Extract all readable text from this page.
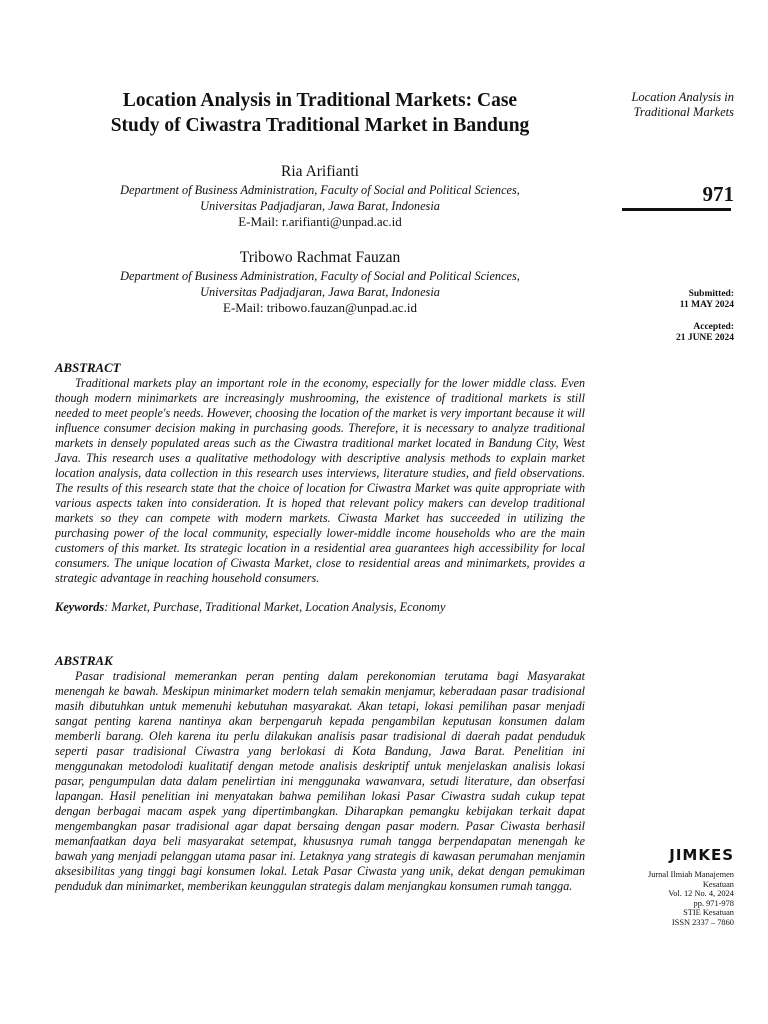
Location Analysis in
Traditional Markets
971
Submitted:
11 MAY 2024
Accepted:
21 JUNE 2024
JIMKES
Jurnal Ilmiah Manajemen
Kesatuan
Vol. 12 No. 4, 2024
pp. 971-978
STIE Kesatuan
ISSN 2337 – 7860
Location Analysis in Traditional Markets: Case
Study of Ciwastra Traditional Market in Bandung
Ria Arifianti
Department of Business Administration, Faculty of Social and Political Sciences,
Universitas Padjadjaran, Jawa Barat, Indonesia
E-Mail: r.arifianti@unpad.ac.id
Tribowo Rachmat Fauzan
Department of Business Administration, Faculty of Social and Political Sciences,
Universitas Padjadjaran, Jawa Barat, Indonesia
E-Mail: tribowo.fauzan@unpad.ac.id
ABSTRACT

Traditional markets play an important role in the economy, especially for the lower middle class. Even though modern minimarkets are increasingly mushrooming, the existence of traditional markets is still needed to meet people's needs. However, choosing the location of the market is very important because it will influence consumer decision making in purchasing goods. Therefore, it is necessary to analyze traditional markets in densely populated areas such as the Ciwastra traditional market located in Bandung City, West Java. This research uses a qualitative methodology with descriptive analysis methods to explain market location analysis, data collection in this research uses interviews, literature studies, and field observations. The results of this research state that the choice of location for Ciwastra Market was quite appropriate with various aspects taken into consideration. It is hoped that relevant policy makers can develop traditional markets so they can compete with modern markets. Ciwasta Market has succeeded in utilizing the purchasing power of the local community, especially lower-middle income households who are the main customers of this market. Its strategic location in a residential area guarantees high accessibility for local consumers. The unique location of Ciwasta Market, close to residential areas and minimarkets, provides a strategic advantage in reaching household consumers.

Keywords: Market, Purchase, Traditional Market, Location Analysis, Economy
ABSTRAK

Pasar tradisional memerankan peran penting dalam perekonomian terutama bagi Masyarakat menengah ke bawah. Meskipun minimarket modern telah semakin menjamur, keberadaan pasar tradisional masih dibutuhkan untuk memenuhi kebutuhan masyarakat. Akan tetapi, lokasi pemilihan pasar menjadi sangat penting karena nantinya akan berpengaruh kepada pengambilan keputusan konsumen dalam memberli barang. Oleh karena itu perlu dilakukan analisis pasar tradisional di daerah padat penduduk seperti pasar tradisional Ciwastra yang berlokasi di Kota Bandung, Jawa Barat. Penelitian ini menggunakan metodolodi kualitatif dengan metode analisis deskriptif untuk menjelaskan analisis lokasi pasar, pengumpulan data dalam penelirtian ini menggunaka wawanvara, setudi literature, dan obserfasi lapangan. Hasil penelitian ini menyatakan bahwa pemilihan lokasi Pasar Ciwastra sudah cukup tepat dengan berbagai macam aspek yang dipertimbangkan. Diharapkan pemangku kebijakan terkait dapat mengembangkan pasar tradisional agar dapat bersaing dengan pasar modern. Pasar Ciwasta berhasil memanfaatkan daya beli masyarakat setempat, khususnya rumah tangga berpendapatan menengah ke bawah yang menjadi pelanggan utama pasar ini. Letaknya yang strategis di kawasan perumahan menjamin aksesibilitas yang tinggi bagi konsumen lokal. Letak Pasar Ciwasta yang unik, dekat dengan pemukiman penduduk dan minimarket, memberikan keunggulan strategis dalam menjangkau konsumen rumah tangga.
